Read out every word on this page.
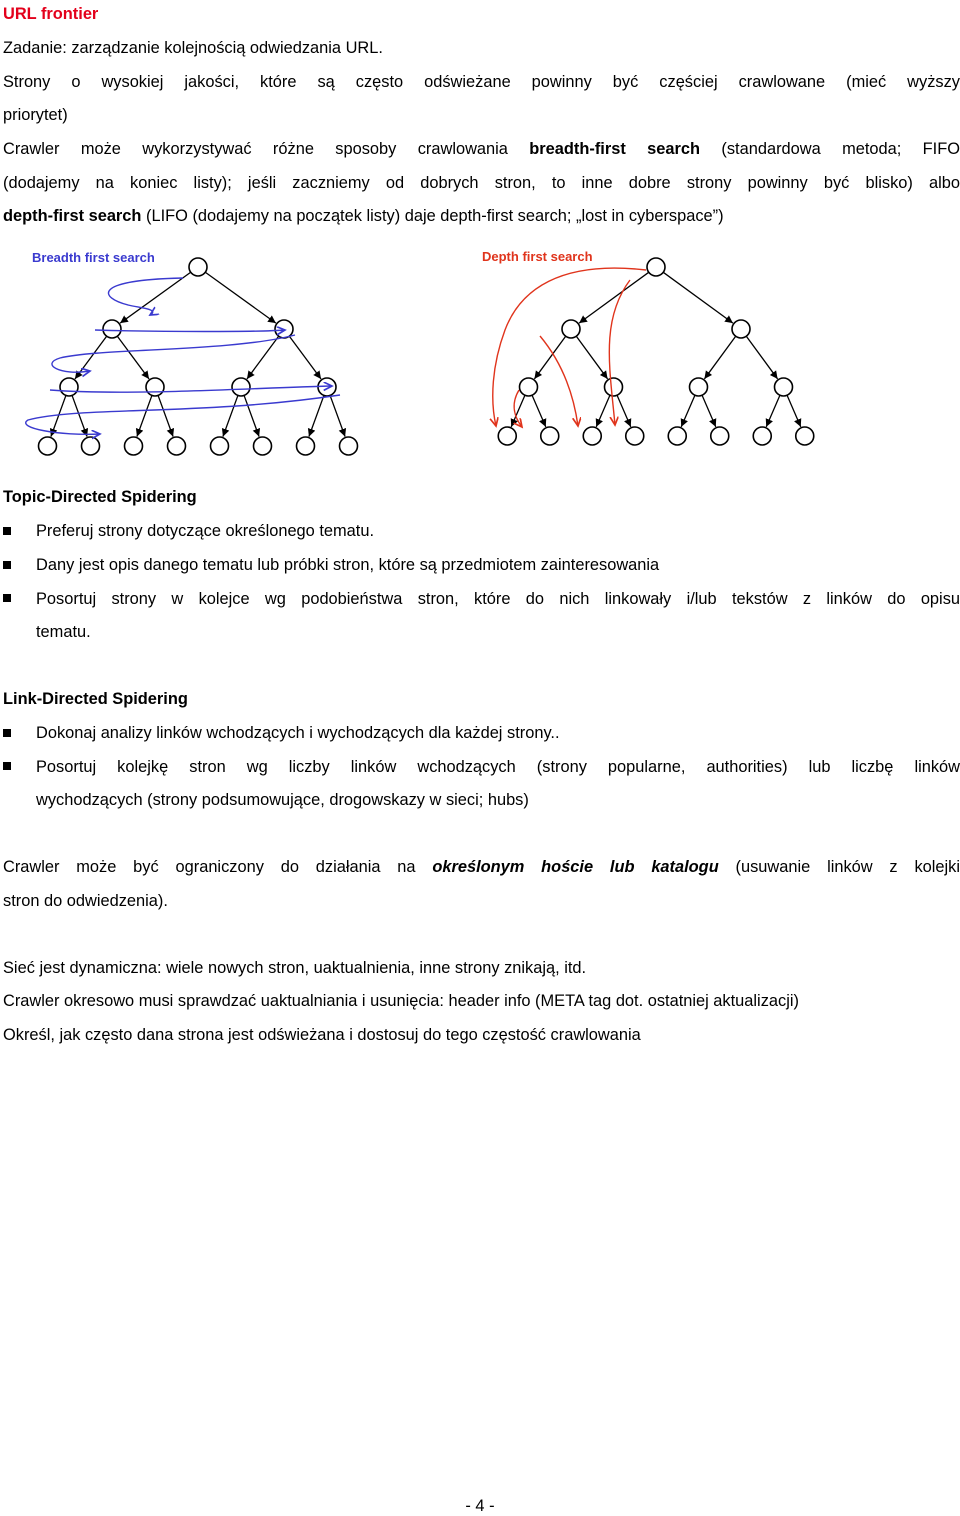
URL frontier
Zadanie: zarządzanie kolejnością odwiedzania URL.
Strony o wysokiej jakości, które są często odświeżane powinny być częściej crawlowane (mieć wyższy
priorytet)
Crawler może wykorzystywać różne sposoby crawlowania breadth-first search (standardowa metoda; FIFO
(dodajemy na koniec listy); jeśli zaczniemy od dobrych stron, to inne dobre strony powinny być blisko) albo
depth-first search (LIFO (dodajemy na początek listy) daje depth-first search; „lost in cyberspace”)
Breadth first search	Depth first search
Topic-Directed Spidering
Preferuj strony dotyczące określonego tematu.
Dany jest opis danego tematu lub próbki stron, które są przedmiotem zainteresowania
Posortuj strony w kolejce wg podobieństwa stron, które do nich linkowały i/lub tekstów z linków do opisu
tematu.
Link-Directed Spidering
Dokonaj analizy linków wchodzących i wychodzących dla każdej strony..
Posortuj kolejkę stron wg liczby linków wchodzących (strony popularne, authorities) lub liczbę linków
wychodzących (strony podsumowujące, drogowskazy w sieci; hubs)
Crawler może być ograniczony do działania na określonym hoście lub katalogu (usuwanie linków z kolejki
stron do odwiedzenia).
Sieć jest dynamiczna: wiele nowych stron, uaktualnienia, inne strony znikają, itd.
Crawler okresowo musi sprawdzać uaktualniania i usunięcia: header info (META tag dot. ostatniej aktualizacji)
Określ, jak często dana strona jest odświeżana i dostosuj do tego częstość crawlowania
- 4 -
